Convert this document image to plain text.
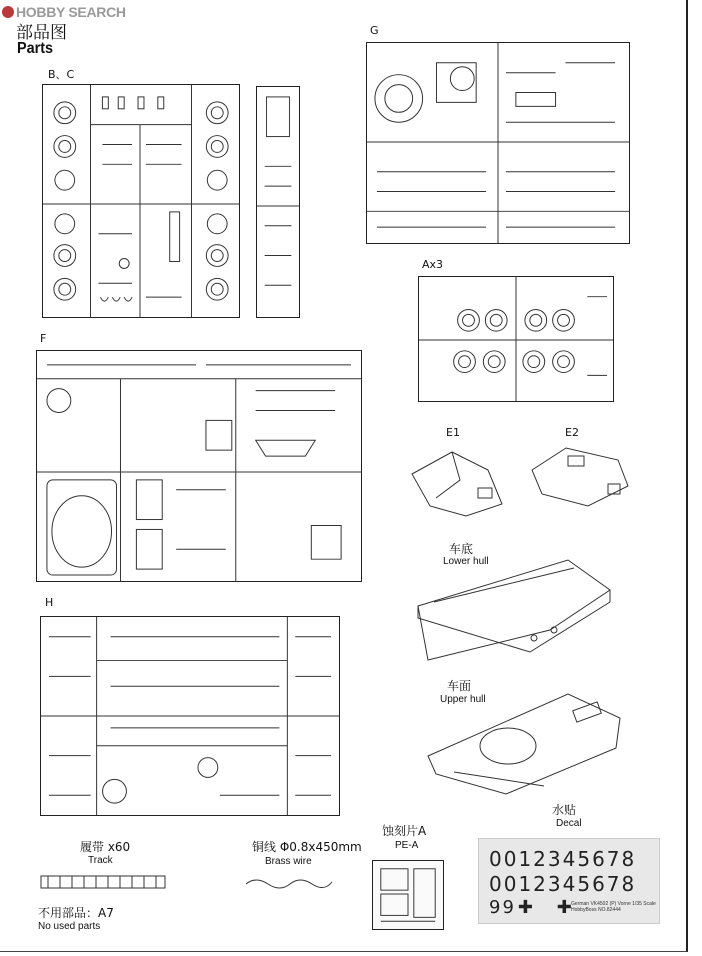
HOBBY SEARCH
部品图
Parts
B、C
G
F
Ax3
H
E1	E2
车底
Lower hull
车面
Upper hull
水贴
Decal
0012345678
0012345678
99 ✚ ✚
German VK4502 (P) Vorne 1/35 Scale HobbyBoss NO.82444
履带 x60
Track
铜线 Φ0.8x450mm
Brass wire
蚀刻片A
PE-A
不用部品：A7
No used parts
